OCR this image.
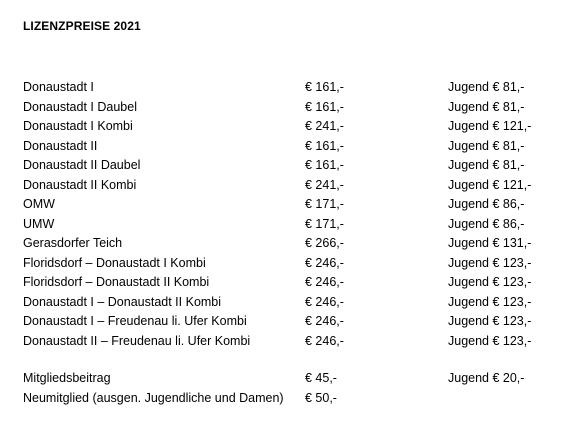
LIZENZPREISE 2021
Donaustadt I	€ 161,-	Jugend € 81,-
Donaustadt I Daubel	€ 161,-	Jugend € 81,-
Donaustadt I Kombi	€ 241,-	Jugend € 121,-
Donaustadt II	€ 161,-	Jugend € 81,-
Donaustadt II Daubel	€ 161,-	Jugend € 81,-
Donaustadt II Kombi	€ 241,-	Jugend € 121,-
OMW	€ 171,-	Jugend € 86,-
UMW	€ 171,-	Jugend € 86,-
Gerasdorfer Teich	€ 266,-	Jugend € 131,-
Floridsdorf – Donaustadt I Kombi	€ 246,-	Jugend € 123,-
Floridsdorf – Donaustadt II Kombi	€ 246,-	Jugend € 123,-
Donaustadt I – Donaustadt II Kombi	€ 246,-	Jugend € 123,-
Donaustadt I – Freudenau li. Ufer Kombi	€ 246,-	Jugend € 123,-
Donaustadt II – Freudenau li. Ufer Kombi	€ 246,-	Jugend € 123,-
Mitgliedsbeitrag	€ 45,-	Jugend € 20,-
Neumitglied (ausgen. Jugendliche und Damen) € 50,-
